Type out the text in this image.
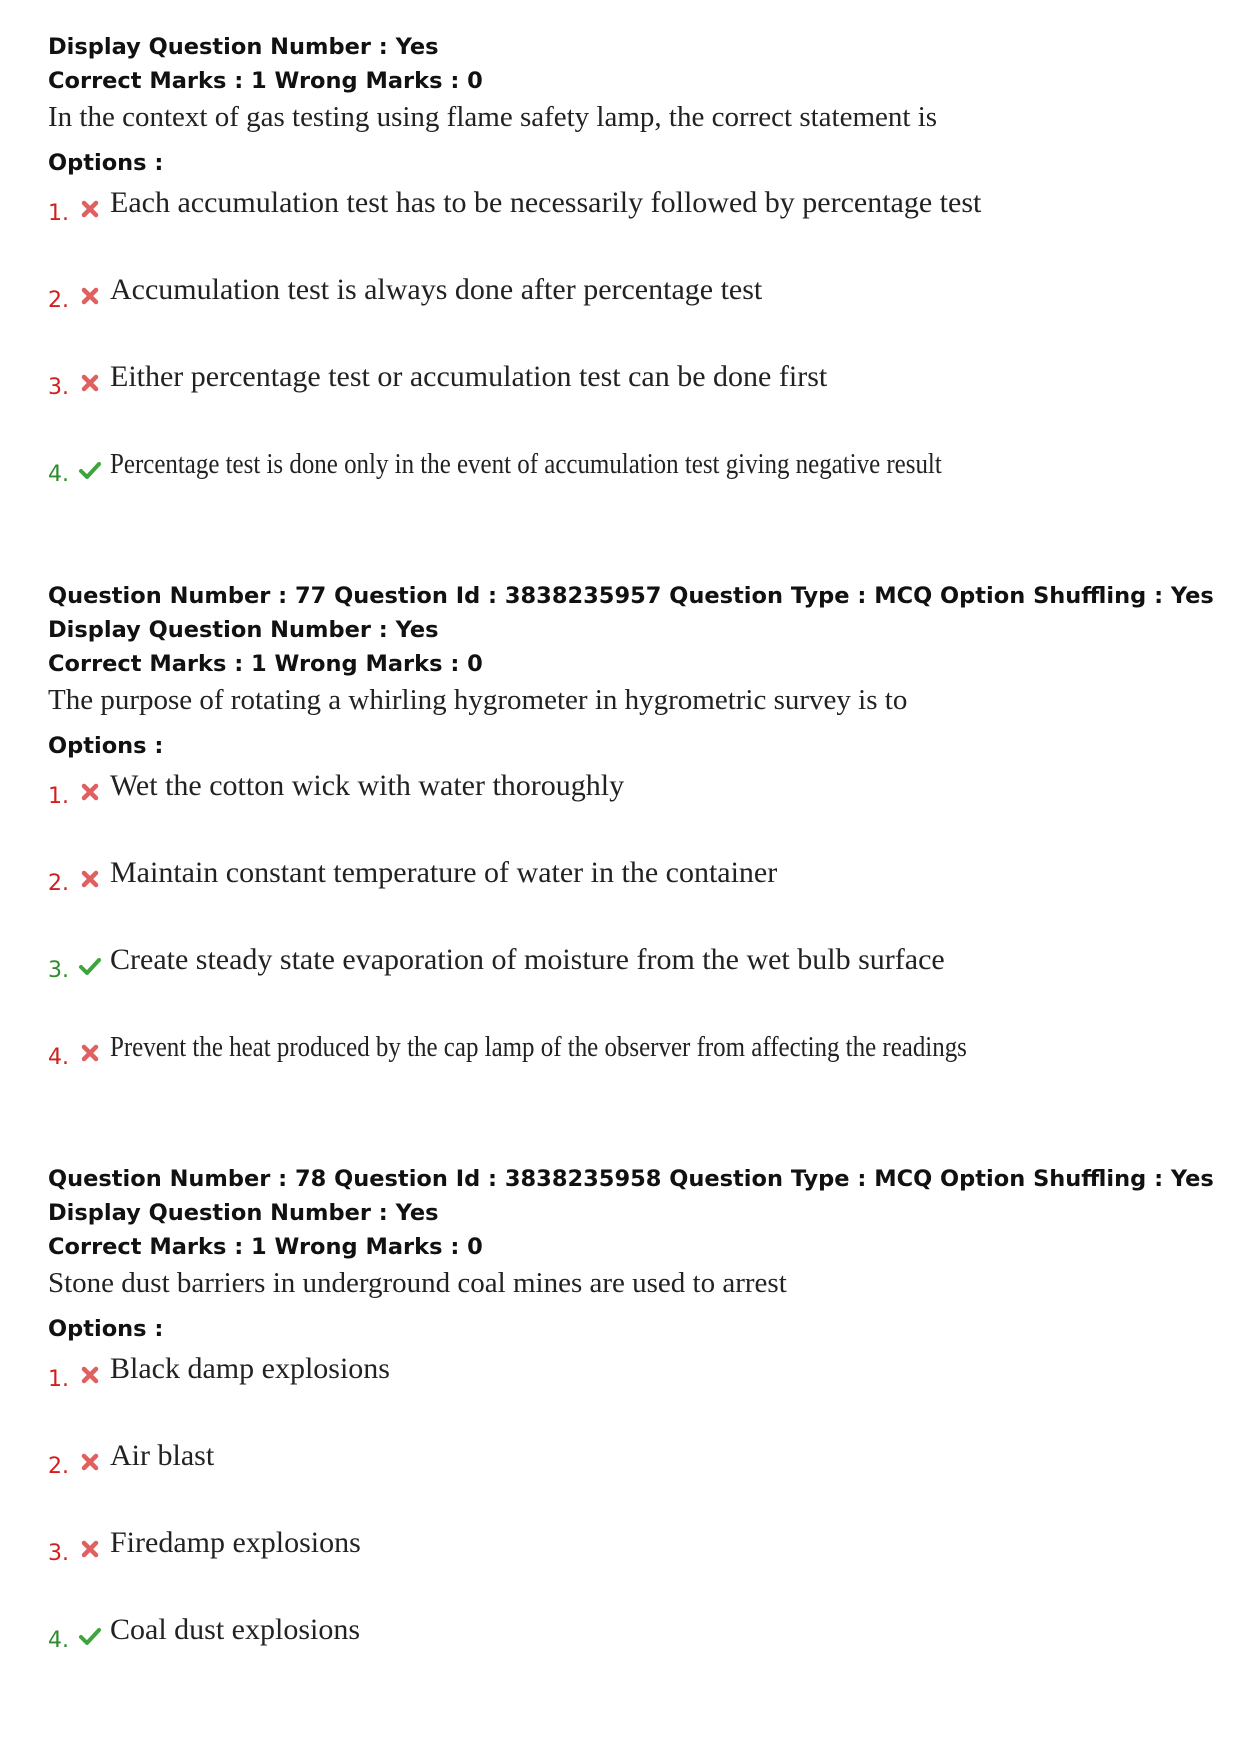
Display Question Number : Yes
Correct Marks : 1 Wrong Marks : 0
In the context of gas testing using flame safety lamp, the correct statement is
Options :
1. Each accumulation test has to be necessarily followed by percentage test
2. Accumulation test is always done after percentage test
3. Either percentage test or accumulation test can be done first
4. Percentage test is done only in the event of accumulation test giving negative result
Question Number : 77 Question Id : 3838235957 Question Type : MCQ Option Shuffling : Yes
Display Question Number : Yes
Correct Marks : 1 Wrong Marks : 0
The purpose of rotating a whirling hygrometer in hygrometric survey is to
Options :
1. Wet the cotton wick with water thoroughly
2. Maintain constant temperature of water in the container
3. Create steady state evaporation of moisture from the wet bulb surface
4. Prevent the heat produced by the cap lamp of the observer from affecting the readings
Question Number : 78 Question Id : 3838235958 Question Type : MCQ Option Shuffling : Yes
Display Question Number : Yes
Correct Marks : 1 Wrong Marks : 0
Stone dust barriers in underground coal mines are used to arrest
Options :
1. Black damp explosions
2. Air blast
3. Firedamp explosions
4. Coal dust explosions
